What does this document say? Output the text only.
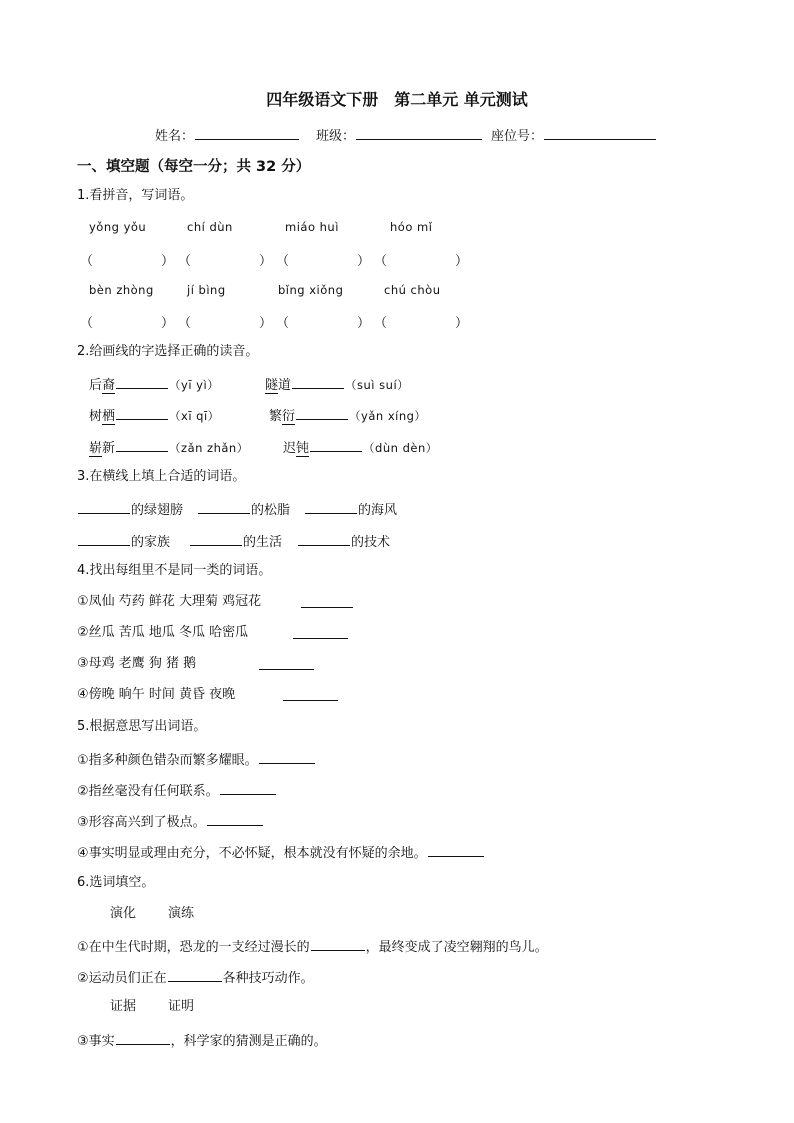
四年级语文下册　第二单元 单元测试
姓名：	班级：	座位号：
一、填空题（每空一分；共 32 分）
1.看拼音，写词语。
yǒng yǒu	chí dùn	miáo huì	hóo mǐ
（	） （	） （	） （	）
bèn zhòng	jí bìng	bǐng xiǒng	chú chòu
（	） （	） （	） （	）
2.给画线的字选择正确的读音。
后裔	（yī yì）	隧道	（suì suí）
树栖	（xī qī）	繁衍	（yǎn xíng）
崭新	（zǎn zhǎn）	迟钝	（dùn dèn）
3.在横线上填上合适的词语。
的绿翅膀	的松脂	的海风
的家族	的生活	的技术
4.找出每组里不是同一类的词语。
①凤仙 芍药 鲜花 大理菊 鸡冠花
②丝瓜 苦瓜 地瓜 冬瓜 哈密瓜
③母鸡 老鹰 狗 猪 鹅
④傍晚 晌午 时间 黄昏 夜晚
5.根据意思写出词语。
①指多种颜色错杂而繁多耀眼。
②指丝毫没有任何联系。
③形容高兴到了极点。
④事实明显或理由充分，不必怀疑，根本就没有怀疑的余地。
6.选词填空。
演化 演练
①在中生代时期，恐龙的一支经过漫长的	，最终变成了凌空翱翔的鸟儿。
②运动员们正在	各种技巧动作。
证据 证明
③事实	，科学家的猜测是正确的。
